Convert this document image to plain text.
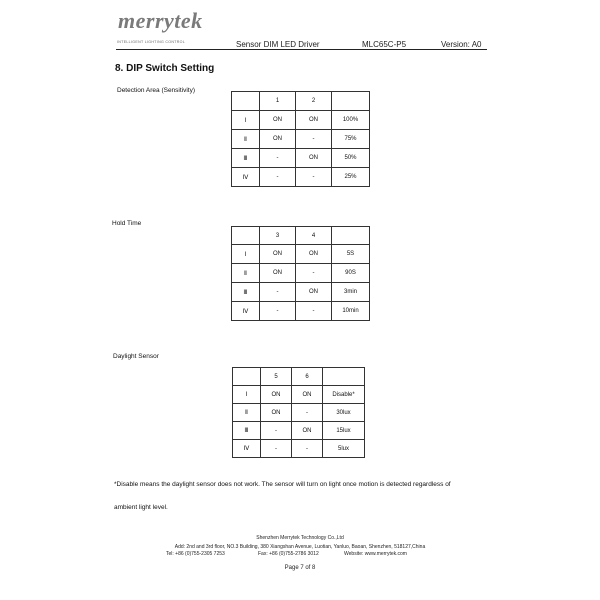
merrytek
INTELLIGENT LIGHTING CONTROL	Sensor DIM LED Driver	MLC65C-P5	Version: A0
8. DIP Switch Setting
Detection Area (Sensitivity)
	1	2	
Ⅰ	ON	ON	100%
Ⅱ	ON	-	75%
Ⅲ	-	ON	50%
Ⅳ	-	-	25%
Hold Time
	3	4	
Ⅰ	ON	ON	5S
Ⅱ	ON	-	90S
Ⅲ	-	ON	3min
Ⅳ	-	-	10min
Daylight Sensor
	5	6	
Ⅰ	ON	ON	Disable*
Ⅱ	ON	-	30lux
Ⅲ	-	ON	15lux
Ⅳ	-	-	5lux
*Disable means the daylight sensor does not work. The sensor will turn on light once motion is detected regardless of
ambient light level.
Shenzhen Merrytek Technology Co.,Ltd
Add: 2nd and 3rd floor, NO.3 Building, 380 Xiangshan Avenue, Luotian, Yanluo, Baoan, Shenzhen, 518127,China
Tel: +86 (0)755-2305 7253	Fax: +86 (0)755-2786 3012	Website: www.merrytek.com
Page 7 of 8
